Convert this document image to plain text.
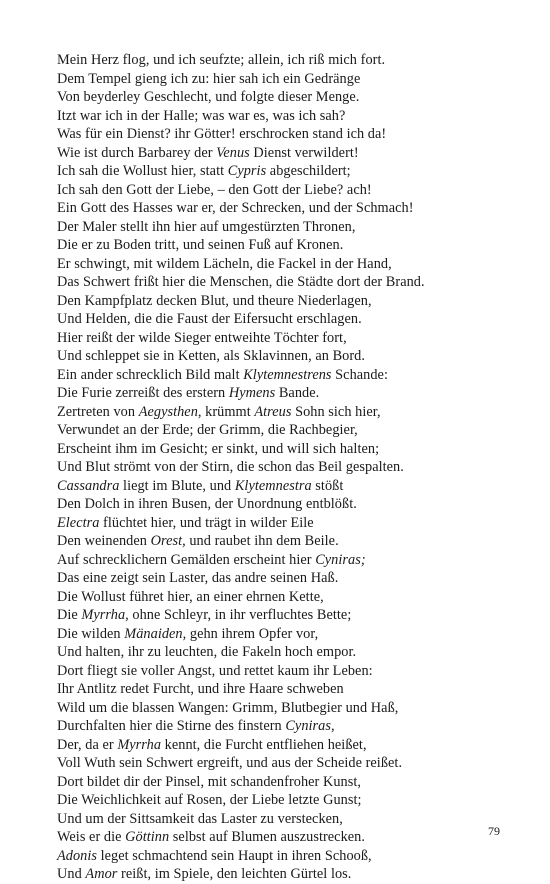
Mein Herz flog, und ich seufzte; allein, ich riß mich fort.
Dem Tempel gieng ich zu: hier sah ich ein Gedränge
Von beyderley Geschlecht, und folgte dieser Menge.
Itzt war ich in der Halle; was war es, was ich sah?
Was für ein Dienst? ihr Götter! erschrocken stand ich da!
Wie ist durch Barbarey der Venus Dienst verwildert!
Ich sah die Wollust hier, statt Cypris abgeschildert;
Ich sah den Gott der Liebe, – den Gott der Liebe? ach!
Ein Gott des Hasses war er, der Schrecken, und der Schmach!
Der Maler stellt ihn hier auf umgestürzten Thronen,
Die er zu Boden tritt, und seinen Fuß auf Kronen.
Er schwingt, mit wildem Lächeln, die Fackel in der Hand,
Das Schwert frißt hier die Menschen, die Städte dort der Brand.
Den Kampfplatz decken Blut, und theure Niederlagen,
Und Helden, die die Faust der Eifersucht erschlagen.
Hier reißt der wilde Sieger entweihte Töchter fort,
Und schleppet sie in Ketten, als Sklavinnen, an Bord.
Ein ander schrecklich Bild malt Klytemnestrens Schande:
Die Furie zerreißt des erstern Hymens Bande.
Zertreten von Aegysthen, krümmt Atreus Sohn sich hier,
Verwundet an der Erde; der Grimm, die Rachbegier,
Erscheint ihm im Gesicht; er sinkt, und will sich halten;
Und Blut strömt von der Stirn, die schon das Beil gespalten.
Cassandra liegt im Blute, und Klytemnestra stößt
Den Dolch in ihren Busen, der Unordnung entblößt.
Electra flüchtet hier, und trägt in wilder Eile
Den weinenden Orest, und raubet ihn dem Beile.
Auf schrecklichern Gemälden erscheint hier Cyniras;
Das eine zeigt sein Laster, das andre seinen Haß.
Die Wollust führet hier, an einer ehrnen Kette,
Die Myrrha, ohne Schleyr, in ihr verfluchtes Bette;
Die wilden Mänaiden, gehn ihrem Opfer vor,
Und halten, ihr zu leuchten, die Fakeln hoch empor.
Dort fliegt sie voller Angst, und rettet kaum ihr Leben:
Ihr Antlitz redet Furcht, und ihre Haare schweben
Wild um die blassen Wangen: Grimm, Blutbegier und Haß,
Durchfalten hier die Stirne des finstern Cyniras,
Der, da er Myrrha kennt, die Furcht entfliehen heißet,
Voll Wuth sein Schwert ergreift, und aus der Scheide reißet.
Dort bildet dir der Pinsel, mit schandenfroher Kunst,
Die Weichlichkeit auf Rosen, der Liebe letzte Gunst;
Und um der Sittsamkeit das Laster zu verstecken,
Weis er die Göttinn selbst auf Blumen auszustrecken.
Adonis leget schmachtend sein Haupt in ihren Schooß,
Und Amor reißt, im Spiele, den leichten Gürtel los.
79
